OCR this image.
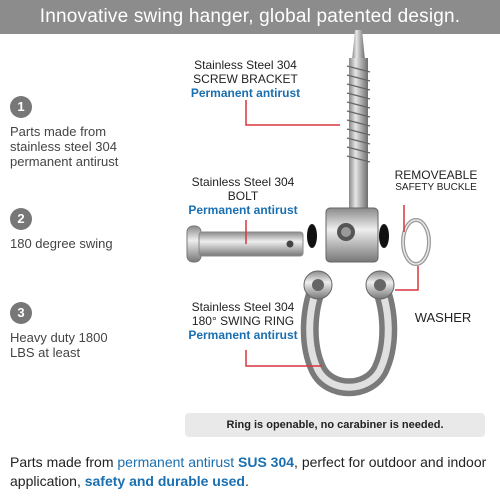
Innovative swing hanger, global patented design.
1
Parts made from stainless steel 304 permanent antirust
2
180 degree swing
3
Heavy duty 1800 LBS at least
Stainless Steel 304
SCREW BRACKET
Permanent antirust
Stainless Steel 304
BOLT
Permanent antirust
Stainless Steel 304
180° SWING RING
Permanent antirust
REMOVEABLE
SAFETY BUCKLE
WASHER
Ring is openable, no carabiner is needed.
Parts made from permanent antirust SUS 304, perfect for outdoor and indoor application, safety and durable used.
